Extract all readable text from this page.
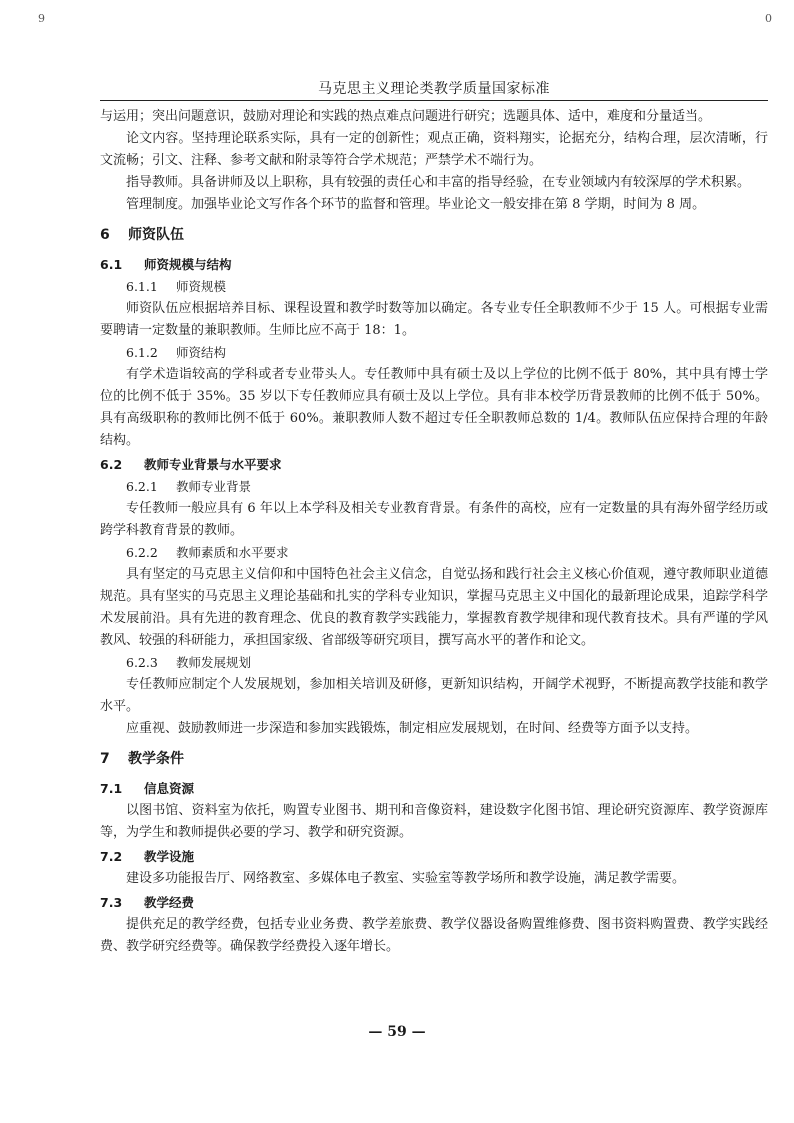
9	0
马克思主义理论类教学质量国家标准
与运用；突出问题意识，鼓励对理论和实践的热点难点问题进行研究；选题具体、适中，难度和分量适当。
论文内容。坚持理论联系实际，具有一定的创新性；观点正确，资料翔实，论据充分，结构合理，层次清晰，行文流畅；引文、注释、参考文献和附录等符合学术规范；严禁学术不端行为。
指导教师。具备讲师及以上职称，具有较强的责任心和丰富的指导经验，在专业领域内有较深厚的学术积累。
管理制度。加强毕业论文写作各个环节的监督和管理。毕业论文一般安排在第 8 学期，时间为 8 周。
6 师资队伍
6.1 师资规模与结构
6.1.1 师资规模
师资队伍应根据培养目标、课程设置和教学时数等加以确定。各专业专任全职教师不少于 15 人。可根据专业需要聘请一定数量的兼职教师。生师比应不高于 18：1。
6.1.2 师资结构
有学术造诣较高的学科或者专业带头人。专任教师中具有硕士及以上学位的比例不低于 80%，其中具有博士学位的比例不低于 35%。35 岁以下专任教师应具有硕士及以上学位。具有非本校学历背景教师的比例不低于 50%。具有高级职称的教师比例不低于 60%。兼职教师人数不超过专任全职教师总数的 1/4。教师队伍应保持合理的年龄结构。
6.2 教师专业背景与水平要求
6.2.1 教师专业背景
专任教师一般应具有 6 年以上本学科及相关专业教育背景。有条件的高校，应有一定数量的具有海外留学经历或跨学科教育背景的教师。
6.2.2 教师素质和水平要求
具有坚定的马克思主义信仰和中国特色社会主义信念，自觉弘扬和践行社会主义核心价值观，遵守教师职业道德规范。具有坚实的马克思主义理论基础和扎实的学科专业知识，掌握马克思主义中国化的最新理论成果，追踪学科学术发展前沿。具有先进的教育理念、优良的教育教学实践能力，掌握教育教学规律和现代教育技术。具有严谨的学风教风、较强的科研能力，承担国家级、省部级等研究项目，撰写高水平的著作和论文。
6.2.3 教师发展规划
专任教师应制定个人发展规划，参加相关培训及研修，更新知识结构，开阔学术视野，不断提高教学技能和教学水平。
应重视、鼓励教师进一步深造和参加实践锻炼，制定相应发展规划，在时间、经费等方面予以支持。
7 教学条件
7.1 信息资源
以图书馆、资料室为依托，购置专业图书、期刊和音像资料，建设数字化图书馆、理论研究资源库、教学资源库等，为学生和教师提供必要的学习、教学和研究资源。
7.2 教学设施
建设多功能报告厅、网络教室、多媒体电子教室、实验室等教学场所和教学设施，满足教学需要。
7.3 教学经费
提供充足的教学经费，包括专业业务费、教学差旅费、教学仪器设备购置维修费、图书资料购置费、教学实践经费、教学研究经费等。确保教学经费投入逐年增长。
— 59 —
